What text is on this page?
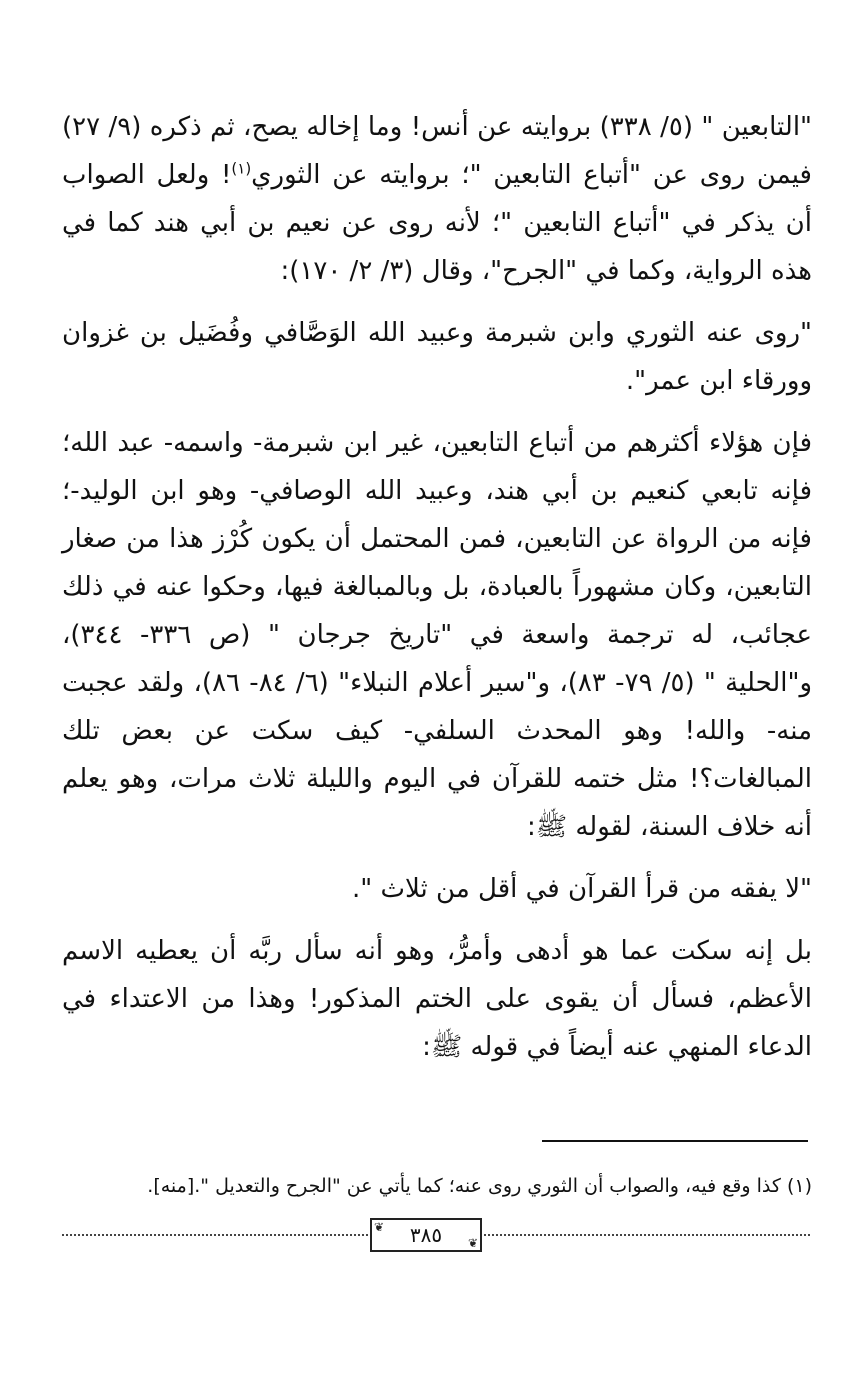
"التابعين " (٥/ ٣٣٨) بروايته عن أنس! وما إخاله يصح، ثم ذكره (٩/ ٢٧) فيمن روى عن "أتباع التابعين "؛ بروايته عن الثوري$^{(١)}$! ولعل الصواب أن يذكر في "أتباع التابعين "؛ لأنه روى عن نعيم بن أبي هند كما في هذه الرواية، وكما في "الجرح"، وقال (٣/ ٢/ ١٧٠):

"روى عنه الثوري وابن شبرمة وعبيد الله الوَصَّافي وفُضَيل بن غزوان وورقاء ابن عمر".

فإن هؤلاء أكثرهم من أتباع التابعين، غير ابن شبرمة- واسمه- عبد الله؛ فإنه تابعي كنعيم بن أبي هند، وعبيد الله الوصافي- وهو ابن الوليد-؛ فإنه من الرواة عن التابعين، فمن المحتمل أن يكون كُرْز هذا من صغار التابعين، وكان مشهوراً بالعبادة، بل وبالمبالغة فيها، وحكوا عنه في ذلك عجائب، له ترجمة واسعة في "تاريخ جرجان " (ص ٣٣٦- ٣٤٤)، و"الحلية " (٥/ ٧٩- ٨٣)، و"سير أعلام النبلاء" (٦/ ٨٤- ٨٦)، ولقد عجبت منه- والله! وهو المحدث السلفي- كيف سكت عن بعض تلك المبالغات؟! مثل ختمه للقرآن في اليوم والليلة ثلاث مرات، وهو يعلم أنه خلاف السنة، لقوله ﷺ:

"لا يفقه من قرأ القرآن في أقل من ثلاث ".

بل إنه سكت عما هو أدهى وأمرُّ، وهو أنه سأل ربَّه أن يعطيه الاسم الأعظم، فسأل أن يقوى على الختم المذكور! وهذا من الاعتداء في الدعاء المنهي عنه أيضاً في قوله ﷺ:

(١) كذا وقع فيه، والصواب أن الثوري روى عنه؛ كما يأتي عن "الجرح والتعديل ".[منه].
❦ ٣٨٥ ❦
